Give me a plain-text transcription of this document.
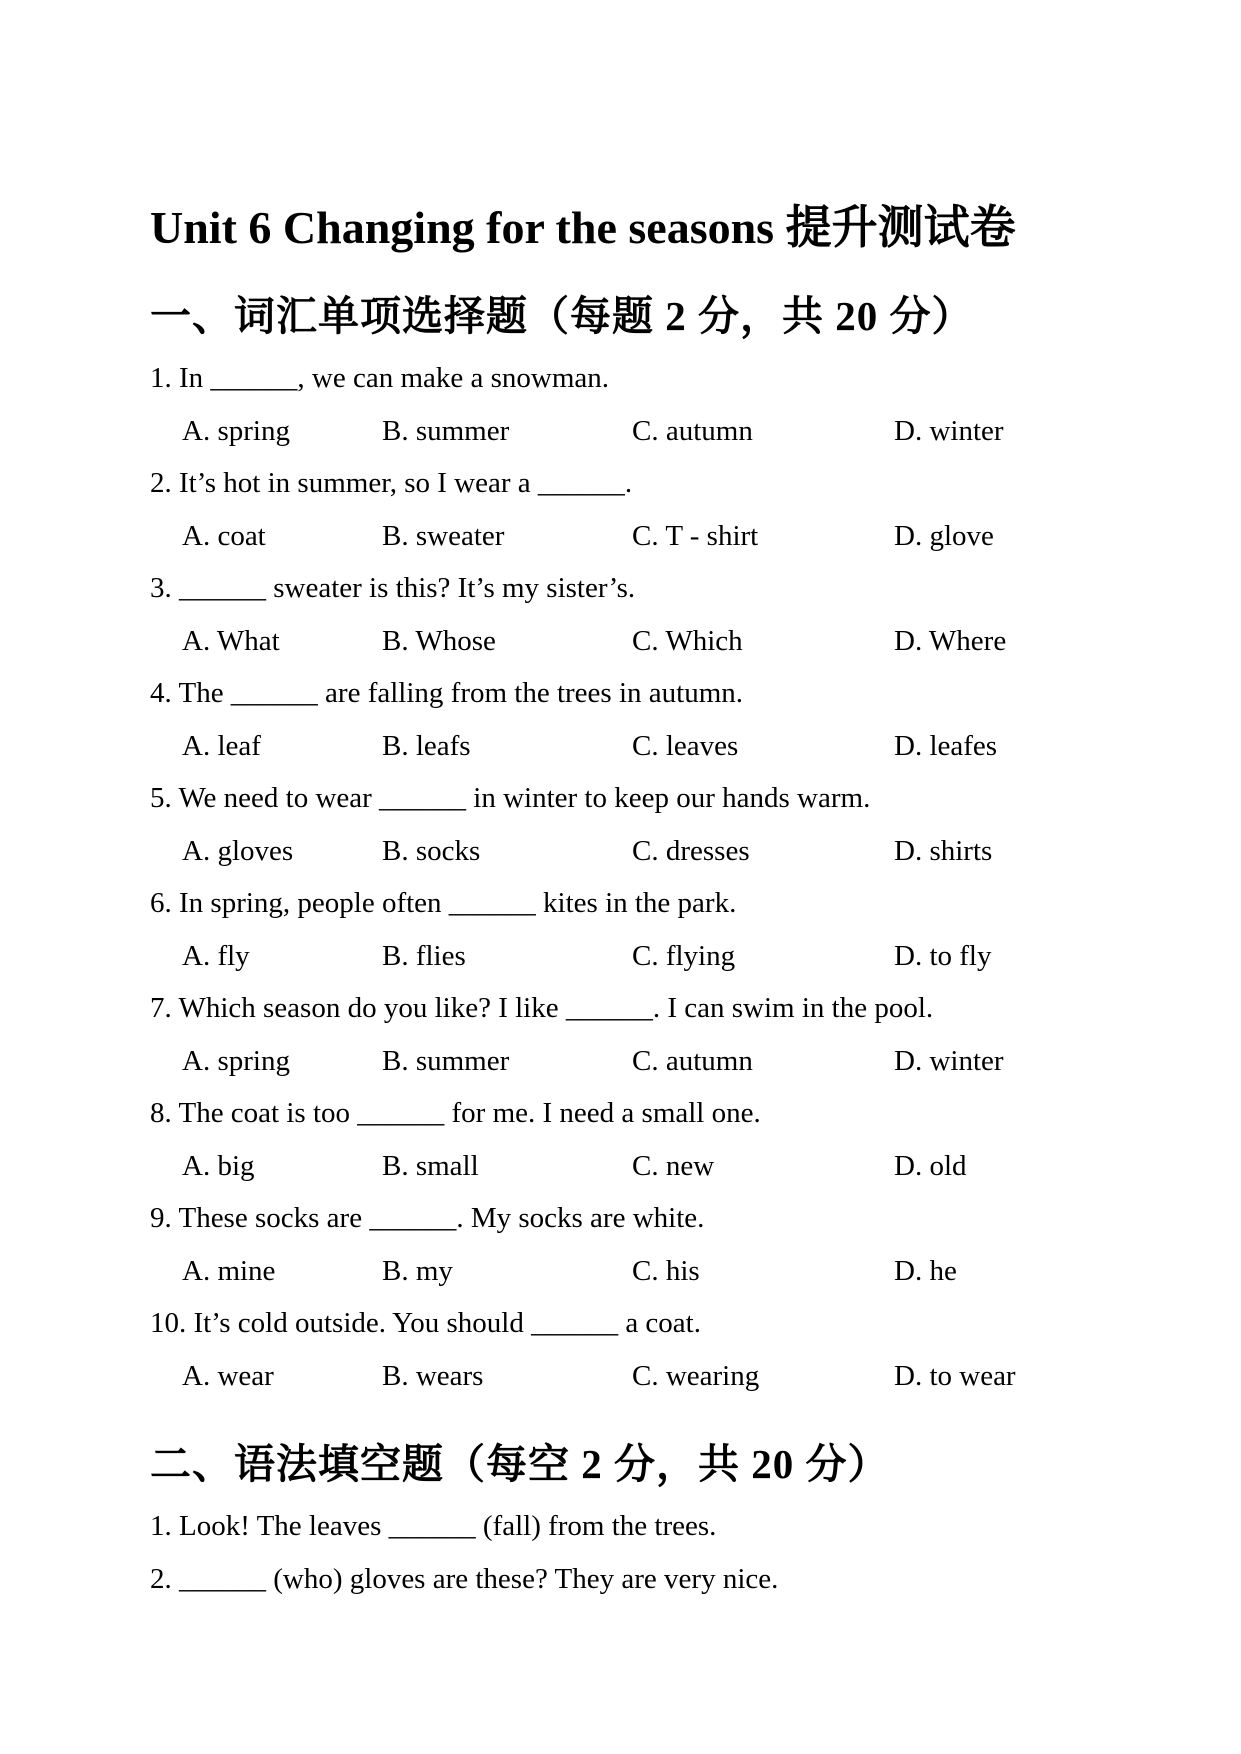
Unit 6 Changing for the seasons 提升测试卷
一、词汇单项选择题（每题 2 分，共 20 分）

1. In ______, we can make a snowman.

A. spring	B. summer	C. autumn	D. winter

2. It’s hot in summer, so I wear a ______.

A. coat	B. sweater	C. T - shirt	D. glove

3. ______ sweater is this? It’s my sister’s.

A. What	B. Whose	C. Which	D. Where

4. The ______ are falling from the trees in autumn.

A. leaf	B. leafs	C. leaves	D. leafes

5. We need to wear ______ in winter to keep our hands warm.

A. gloves	B. socks	C. dresses	D. shirts

6. In spring, people often ______ kites in the park.

A. fly	B. flies	C. flying	D. to fly

7. Which season do you like? I like ______. I can swim in the pool.

A. spring	B. summer	C. autumn	D. winter

8. The coat is too ______ for me. I need a small one.

A. big	B. small	C. new	D. old

9. These socks are ______. My socks are white.

A. mine	B. my	C. his	D. he

10. It’s cold outside. You should ______ a coat.

A. wear	B. wears	C. wearing	D. to wear
二、语法填空题（每空 2 分，共 20 分）

1. Look! The leaves ______ (fall) from the trees.

2. ______ (who) gloves are these? They are very nice.
